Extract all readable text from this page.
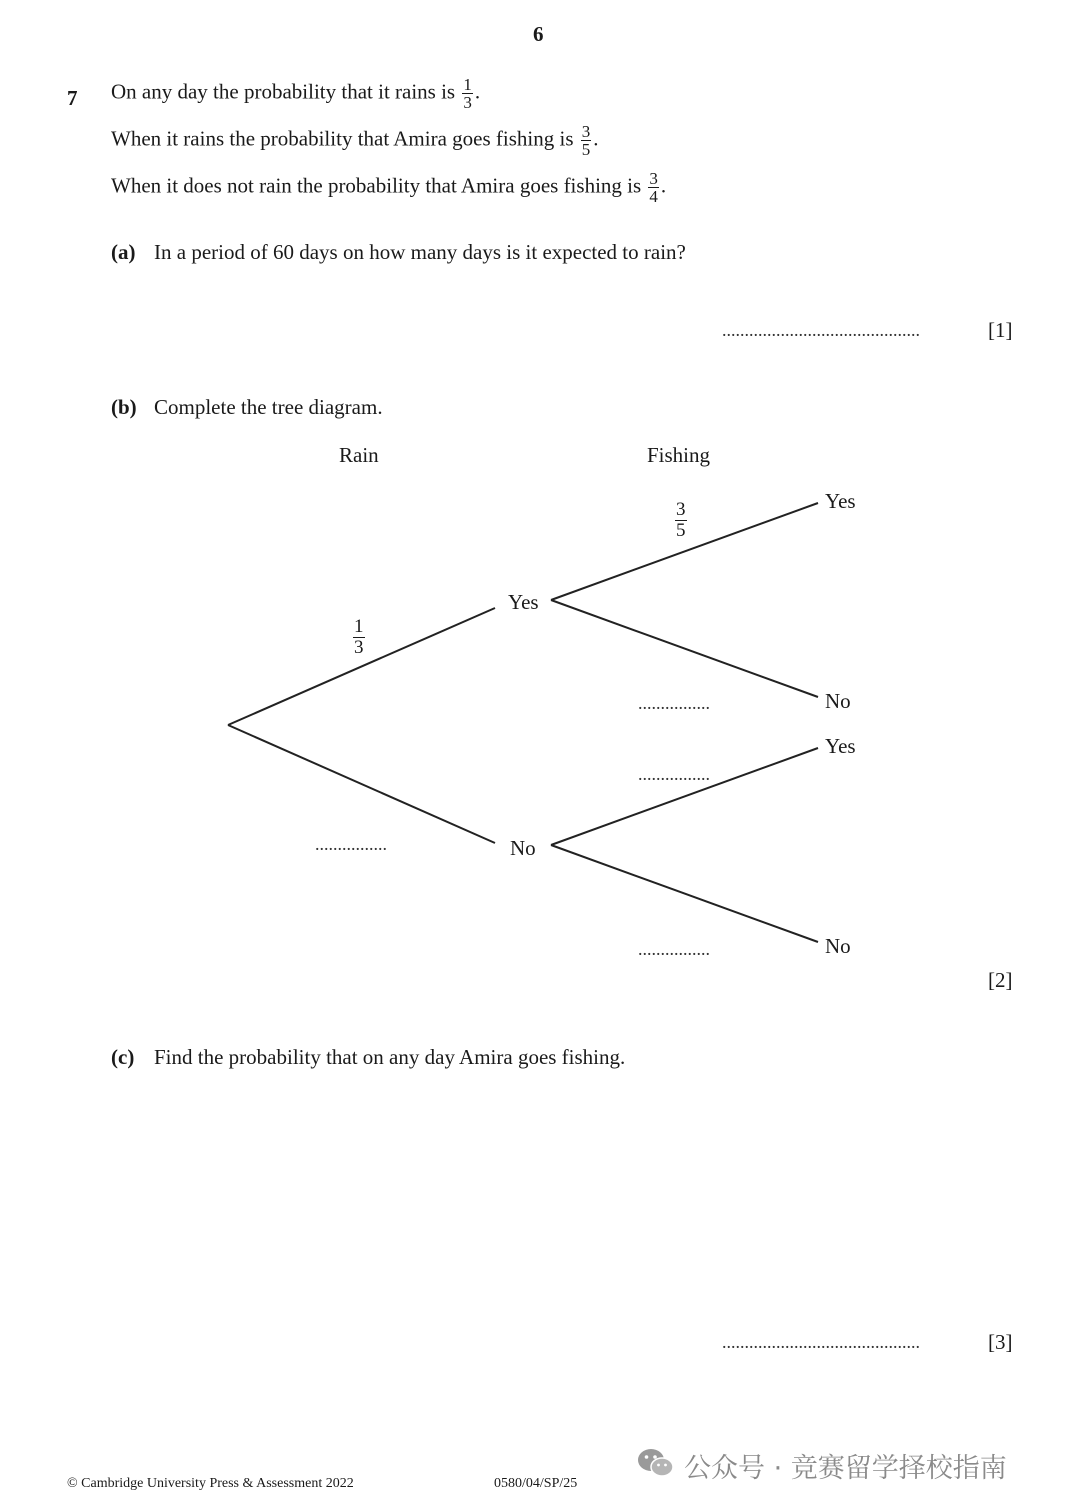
6
7 On any day the probability that it rains is $\frac{1}{3}$ .
When it rains the probability that Amira goes fishing is $\frac{3}{5}$ .
When it does not rain the probability that Amira goes fishing is $\frac{3}{4}$ .
(a) In a period of 60 days on how many days is it expected to rain?
............................................	[1]
(b) Complete the tree diagram.
Rain	Fishing
Yes
No
Yes
No
Yes
No
$\frac{1}{3}$
$\frac{3}{5}$
................
................
................
................
[2]
(c) Find the probability that on any day Amira goes fishing.
............................................	[3]
© Cambridge University Press & Assessment 2022	0580/04/SP/25	公众号 · 竞赛留学择校指南
